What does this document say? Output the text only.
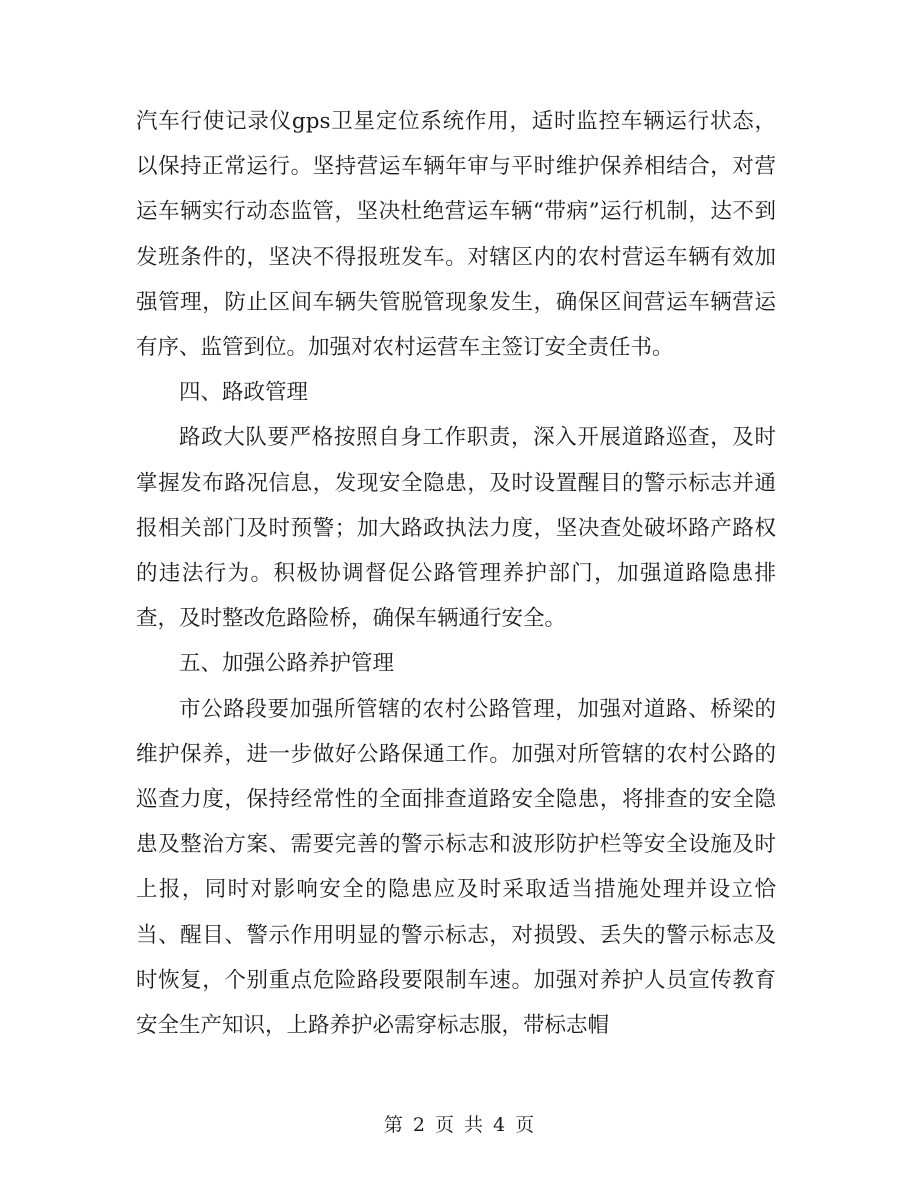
汽车行使记录仪gps卫星定位系统作用，适时监控车辆运行状态，以保持正常运行。坚持营运车辆年审与平时维护保养相结合，对营运车辆实行动态监管，坚决杜绝营运车辆“带病”运行机制，达不到发班条件的，坚决不得报班发车。对辖区内的农村营运车辆有效加强管理，防止区间车辆失管脱管现象发生，确保区间营运车辆营运有序、监管到位。加强对农村运营车主签订安全责任书。

四、路政管理

路政大队要严格按照自身工作职责，深入开展道路巡查，及时掌握发布路况信息，发现安全隐患，及时设置醒目的警示标志并通报相关部门及时预警；加大路政执法力度，坚决查处破坏路产路权的违法行为。积极协调督促公路管理养护部门，加强道路隐患排查，及时整改危路险桥，确保车辆通行安全。

五、加强公路养护管理

市公路段要加强所管辖的农村公路管理，加强对道路、桥梁的维护保养，进一步做好公路保通工作。加强对所管辖的农村公路的巡查力度，保持经常性的全面排查道路安全隐患，将排查的安全隐患及整治方案、需要完善的警示标志和波形防护栏等安全设施及时上报，同时对影响安全的隐患应及时采取适当措施处理并设立恰当、醒目、警示作用明显的警示标志，对损毁、丢失的警示标志及时恢复，个别重点危险路段要限制车速。加强对养护人员宣传教育安全生产知识，上路养护必需穿标志服，带标志帽

第 2 页 共 4 页
